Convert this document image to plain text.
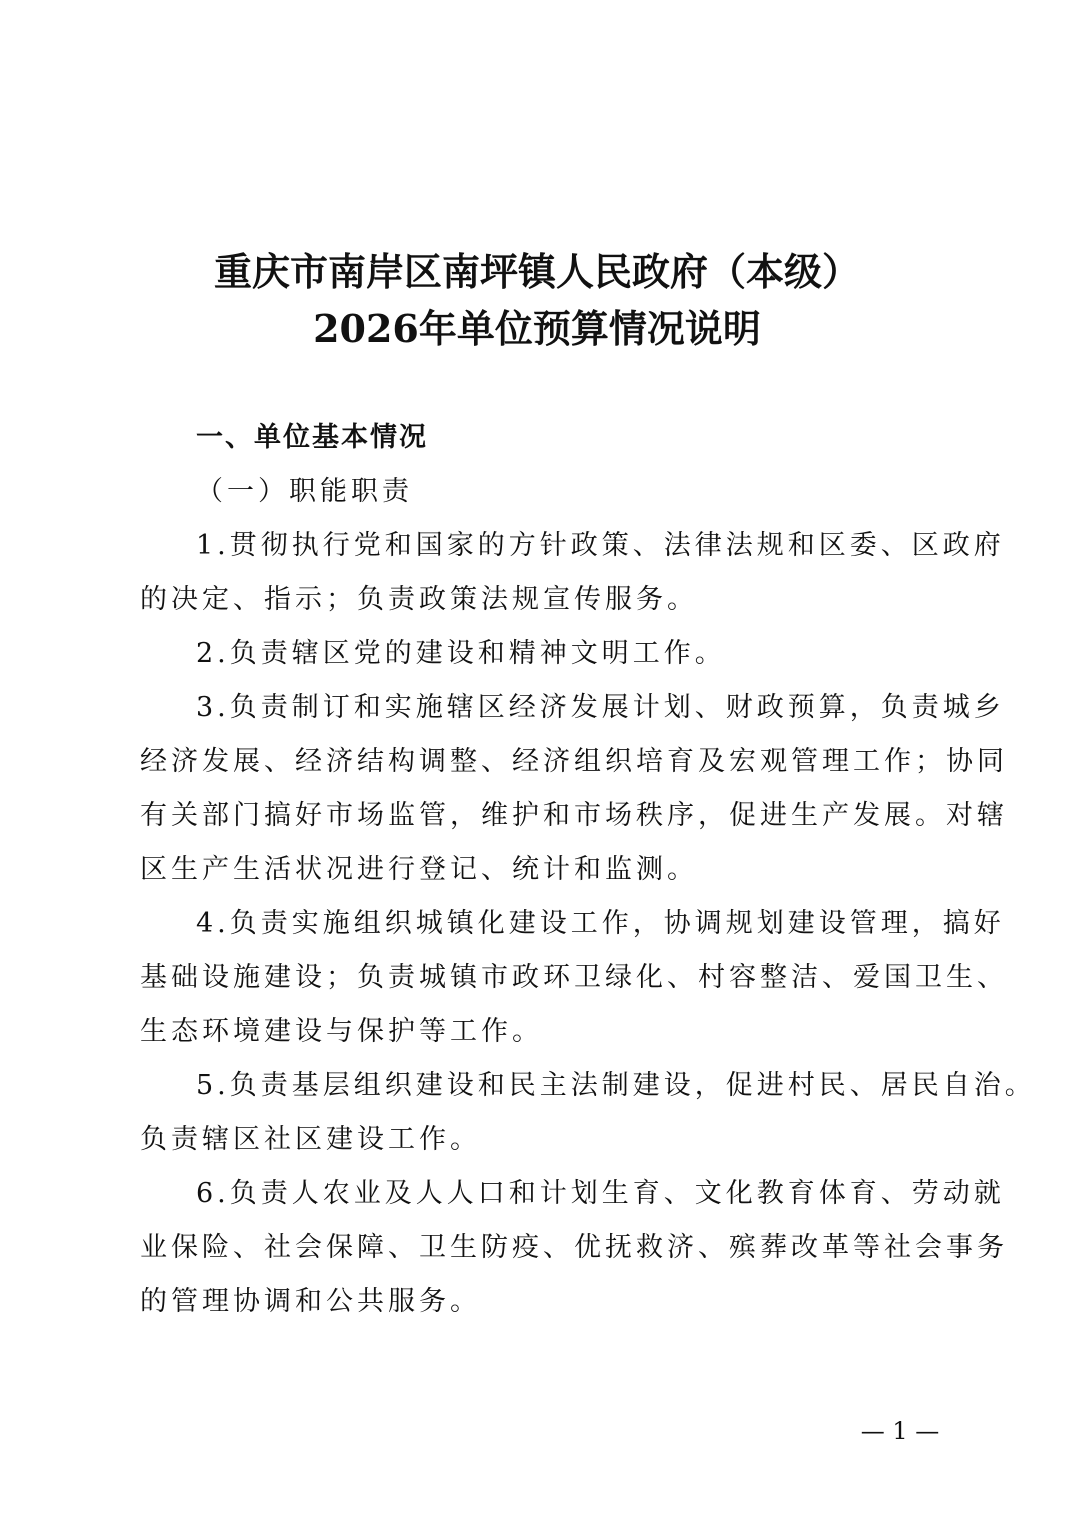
重庆市南岸区南坪镇人民政府（本级）
2026年单位预算情况说明
一、单位基本情况
（一）职能职责
1.贯彻执行党和国家的方针政策、法律法规和区委、区政府
的决定、指示；负责政策法规宣传服务。
2.负责辖区党的建设和精神文明工作。
3.负责制订和实施辖区经济发展计划、财政预算，负责城乡
经济发展、经济结构调整、经济组织培育及宏观管理工作；协同
有关部门搞好市场监管，维护和市场秩序，促进生产发展。对辖
区生产生活状况进行登记、统计和监测。
4.负责实施组织城镇化建设工作，协调规划建设管理，搞好
基础设施建设；负责城镇市政环卫绿化、村容整洁、爱国卫生、
生态环境建设与保护等工作。
5.负责基层组织建设和民主法制建设，促进村民、居民自治。
负责辖区社区建设工作。
6.负责人农业及人人口和计划生育、文化教育体育、劳动就
业保险、社会保障、卫生防疫、优抚救济、殡葬改革等社会事务
的管理协调和公共服务。
— 1 —
